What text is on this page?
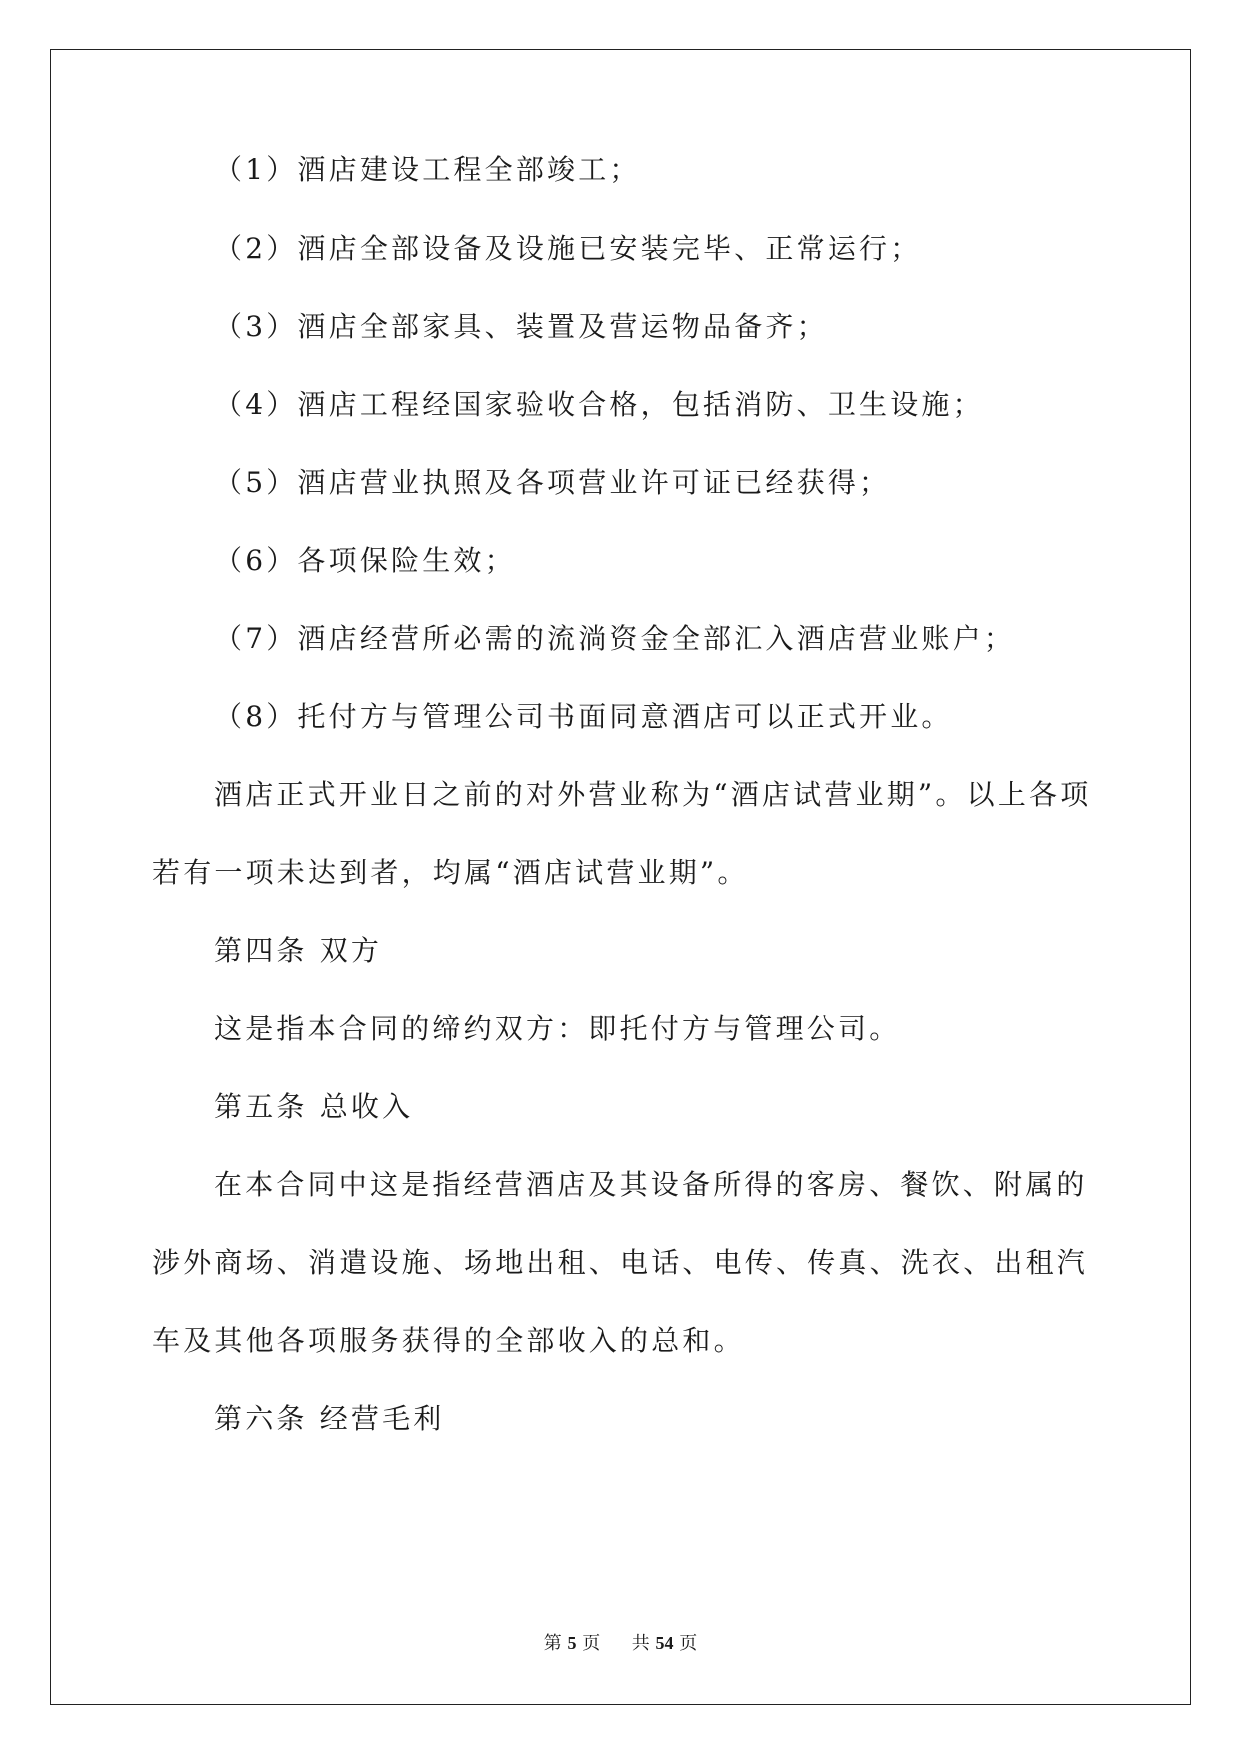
（1）酒店建设工程全部竣工；
（2）酒店全部设备及设施已安装完毕、正常运行；
（3）酒店全部家具、装置及营运物品备齐；
（4）酒店工程经国家验收合格，包括消防、卫生设施；
（5）酒店营业执照及各项营业许可证已经获得；
（6）各项保险生效；
（7）酒店经营所必需的流淌资金全部汇入酒店营业账户；
（8）托付方与管理公司书面同意酒店可以正式开业。
酒店正式开业日之前的对外营业称为“酒店试营业期”。以上各项
若有一项未达到者，均属“酒店试营业期”。
第四条 双方
这是指本合同的缔约双方：即托付方与管理公司。
第五条 总收入
在本合同中这是指经营酒店及其设备所得的客房、餐饮、附属的
涉外商场、消遣设施、场地出租、电话、电传、传真、洗衣、出租汽
车及其他各项服务获得的全部收入的总和。
第六条 经营毛利
第 5 页 共 54 页
